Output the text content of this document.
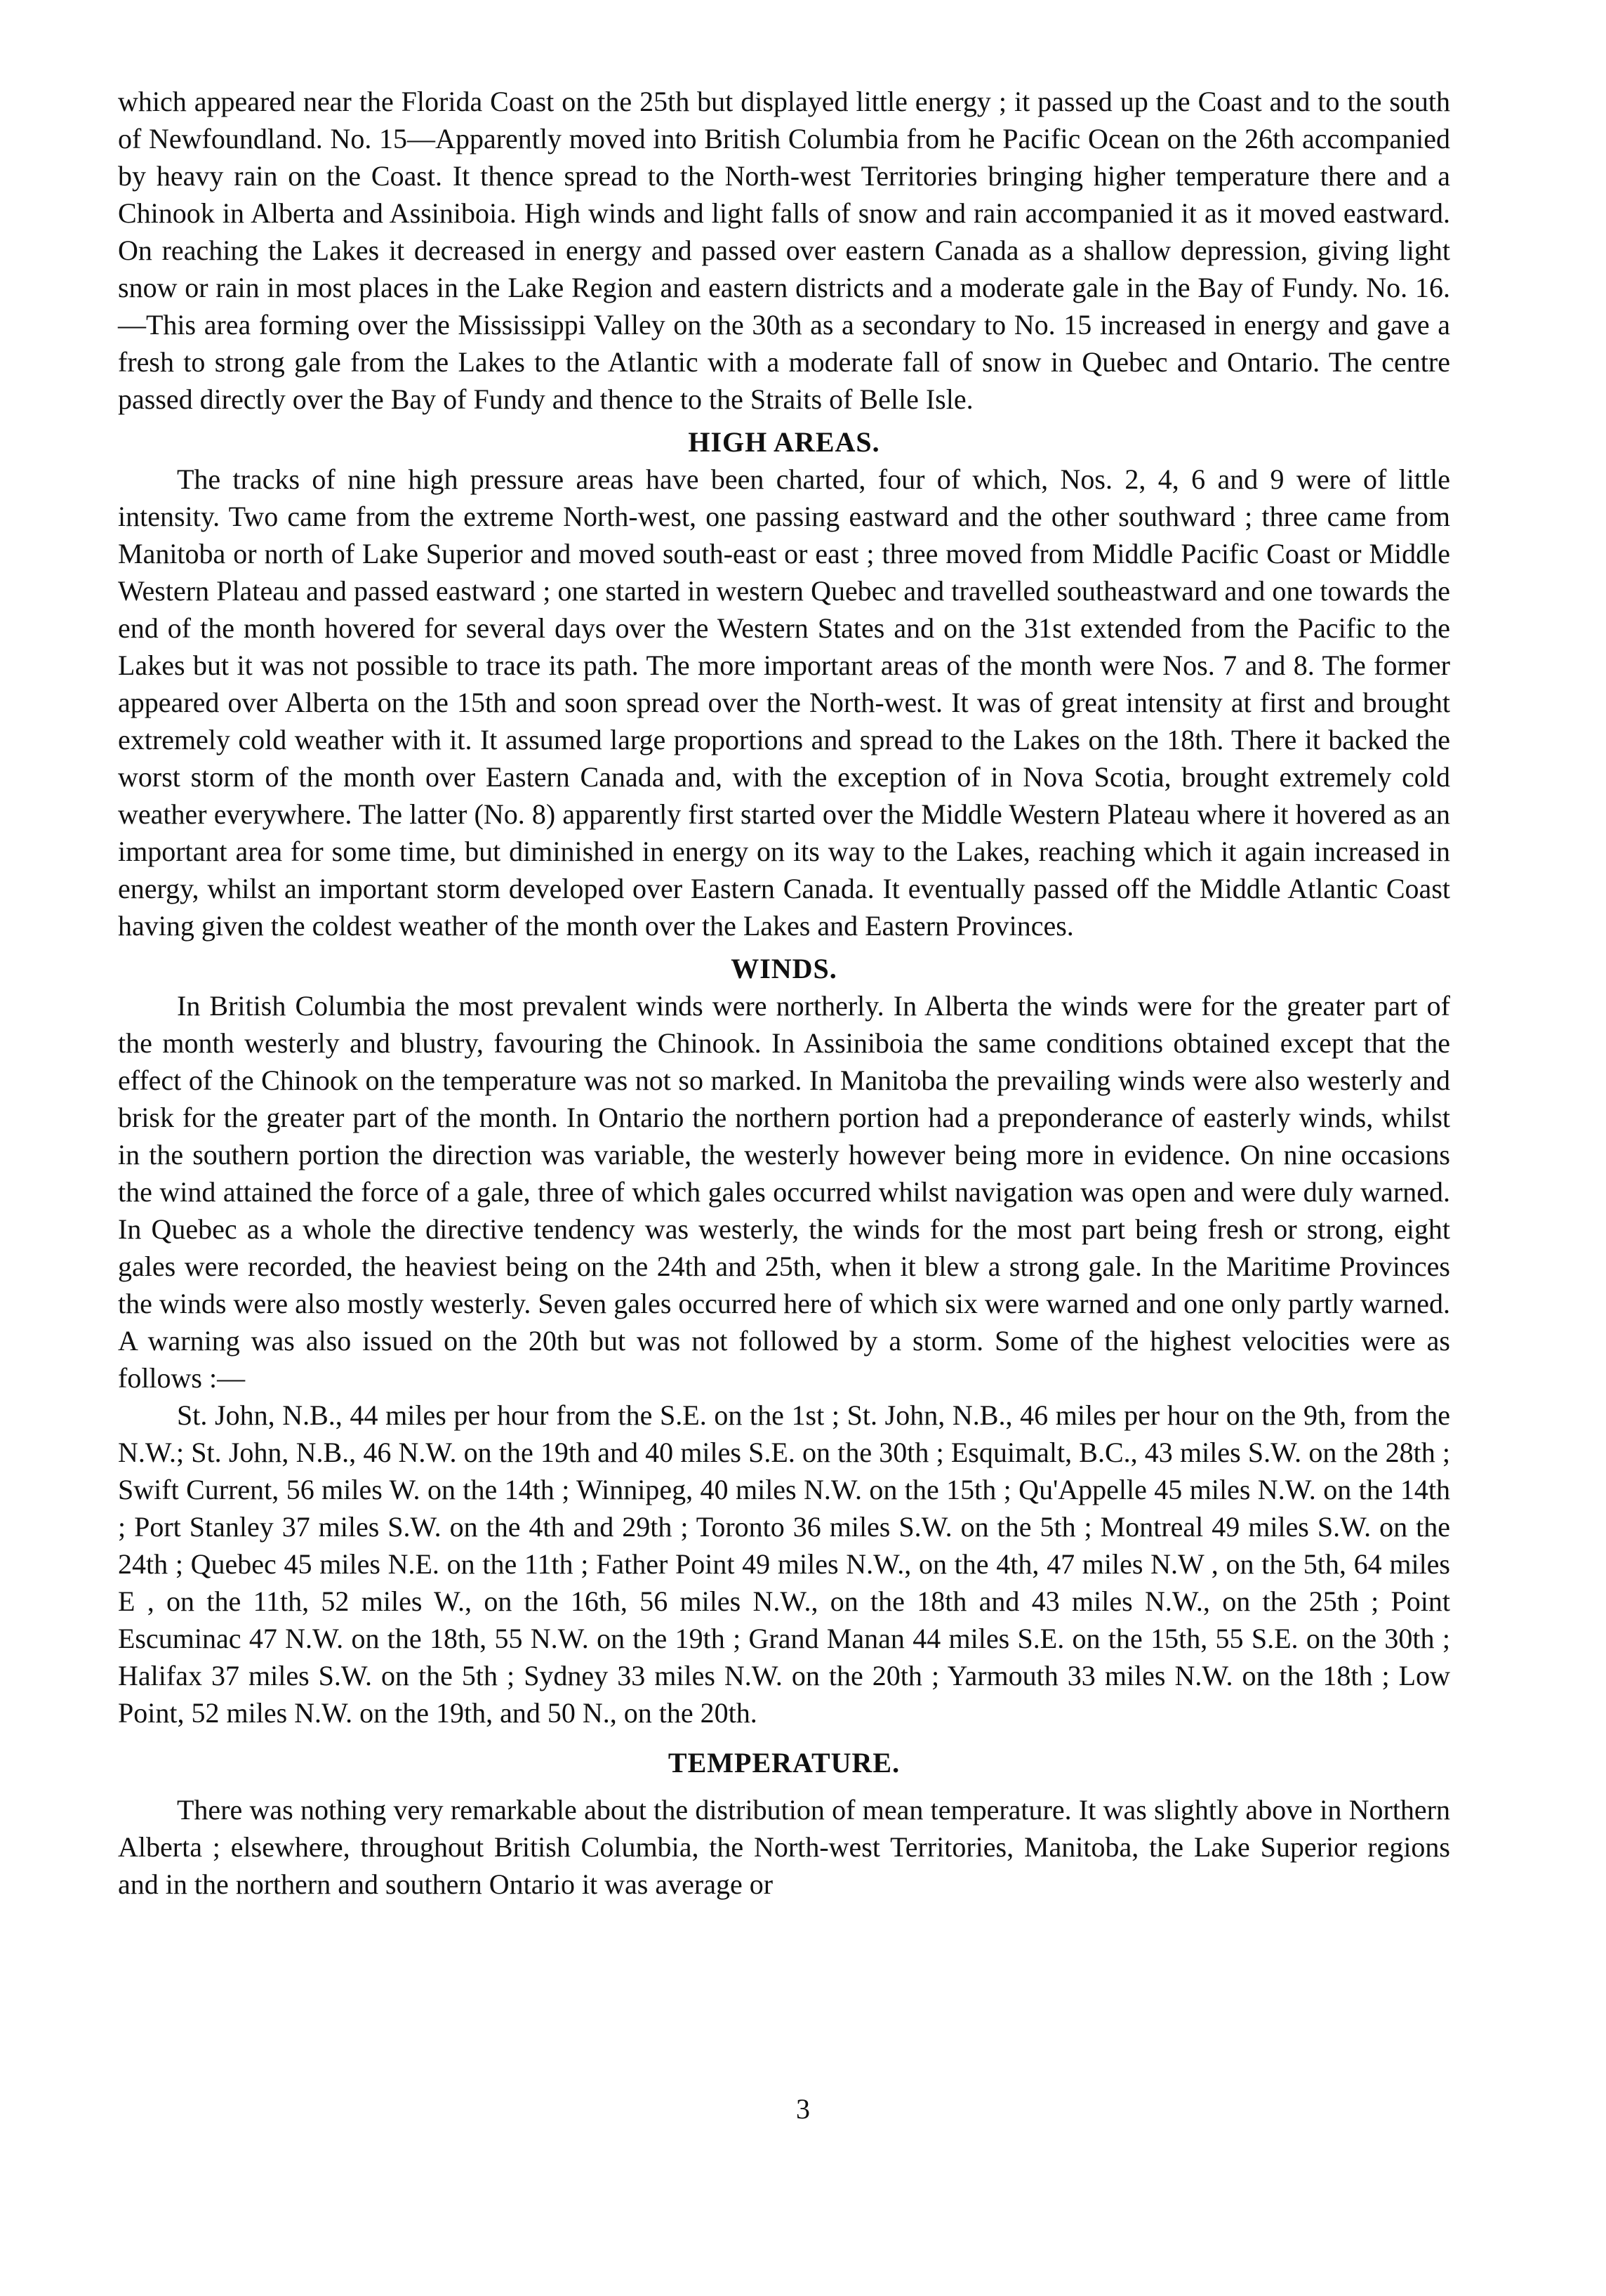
which appeared near the Florida Coast on the 25th but displayed little energy ; it passed up the Coast and to the south of Newfoundland. No. 15—Apparently moved into British Columbia from he Pacific Ocean on the 26th accompanied by heavy rain on the Coast. It thence spread to the North-west Territories bringing higher temperature there and a Chinook in Alberta and Assiniboia. High winds and light falls of snow and rain accompanied it as it moved eastward. On reaching the Lakes it decreased in energy and passed over eastern Canada as a shallow depression, giving light snow or rain in most places in the Lake Region and eastern districts and a moderate gale in the Bay of Fundy. No. 16.—This area forming over the Mississippi Valley on the 30th as a secondary to No. 15 increased in energy and gave a fresh to strong gale from the Lakes to the Atlantic with a moderate fall of snow in Quebec and Ontario. The centre passed directly over the Bay of Fundy and thence to the Straits of Belle Isle.

HIGH AREAS.

The tracks of nine high pressure areas have been charted, four of which, Nos. 2, 4, 6 and 9 were of little intensity. Two came from the extreme North-west, one passing eastward and the other southward ; three came from Manitoba or north of Lake Superior and moved south-east or east ; three moved from Middle Pacific Coast or Middle Western Plateau and passed eastward ; one started in western Quebec and travelled southeastward and one towards the end of the month hovered for several days over the Western States and on the 31st extended from the Pacific to the Lakes but it was not possible to trace its path. The more important areas of the month were Nos. 7 and 8. The former appeared over Alberta on the 15th and soon spread over the North-west. It was of great intensity at first and brought extremely cold weather with it. It assumed large proportions and spread to the Lakes on the 18th. There it backed the worst storm of the month over Eastern Canada and, with the exception of in Nova Scotia, brought extremely cold weather everywhere. The latter (No. 8) apparently first started over the Middle Western Plateau where it hovered as an important area for some time, but diminished in energy on its way to the Lakes, reaching which it again increased in energy, whilst an important storm developed over Eastern Canada. It eventually passed off the Middle Atlantic Coast having given the coldest weather of the month over the Lakes and Eastern Provinces.

WINDS.

In British Columbia the most prevalent winds were northerly. In Alberta the winds were for the greater part of the month westerly and blustry, favouring the Chinook. In Assiniboia the same conditions obtained except that the effect of the Chinook on the temperature was not so marked. In Manitoba the prevailing winds were also westerly and brisk for the greater part of the month. In Ontario the northern portion had a preponderance of easterly winds, whilst in the southern portion the direction was variable, the westerly however being more in evidence. On nine occasions the wind attained the force of a gale, three of which gales occurred whilst navigation was open and were duly warned. In Quebec as a whole the directive tendency was westerly, the winds for the most part being fresh or strong, eight gales were recorded, the heaviest being on the 24th and 25th, when it blew a strong gale. In the Maritime Provinces the winds were also mostly westerly. Seven gales occurred here of which six were warned and one only partly warned. A warning was also issued on the 20th but was not followed by a storm. Some of the highest velocities were as follows :—

St. John, N.B., 44 miles per hour from the S.E. on the 1st ; St. John, N.B., 46 miles per hour on the 9th, from the N.W.; St. John, N.B., 46 N.W. on the 19th and 40 miles S.E. on the 30th ; Esquimalt, B.C., 43 miles S.W. on the 28th ; Swift Current, 56 miles W. on the 14th ; Winnipeg, 40 miles N.W. on the 15th ; Qu'Appelle 45 miles N.W. on the 14th ; Port Stanley 37 miles S.W. on the 4th and 29th ; Toronto 36 miles S.W. on the 5th ; Montreal 49 miles S.W. on the 24th ; Quebec 45 miles N.E. on the 11th ; Father Point 49 miles N.W., on the 4th, 47 miles N.W , on the 5th, 64 miles E , on the 11th, 52 miles W., on the 16th, 56 miles N.W., on the 18th and 43 miles N.W., on the 25th ; Point Escuminac 47 N.W. on the 18th, 55 N.W. on the 19th ; Grand Manan 44 miles S.E. on the 15th, 55 S.E. on the 30th ; Halifax 37 miles S.W. on the 5th ; Sydney 33 miles N.W. on the 20th ; Yarmouth 33 miles N.W. on the 18th ; Low Point, 52 miles N.W. on the 19th, and 50 N., on the 20th.

TEMPERATURE.

There was nothing very remarkable about the distribution of mean temperature. It was slightly above in Northern Alberta ; elsewhere, throughout British Columbia, the North-west Territories, Manitoba, the Lake Superior regions and in the northern and southern Ontario it was average or

3
